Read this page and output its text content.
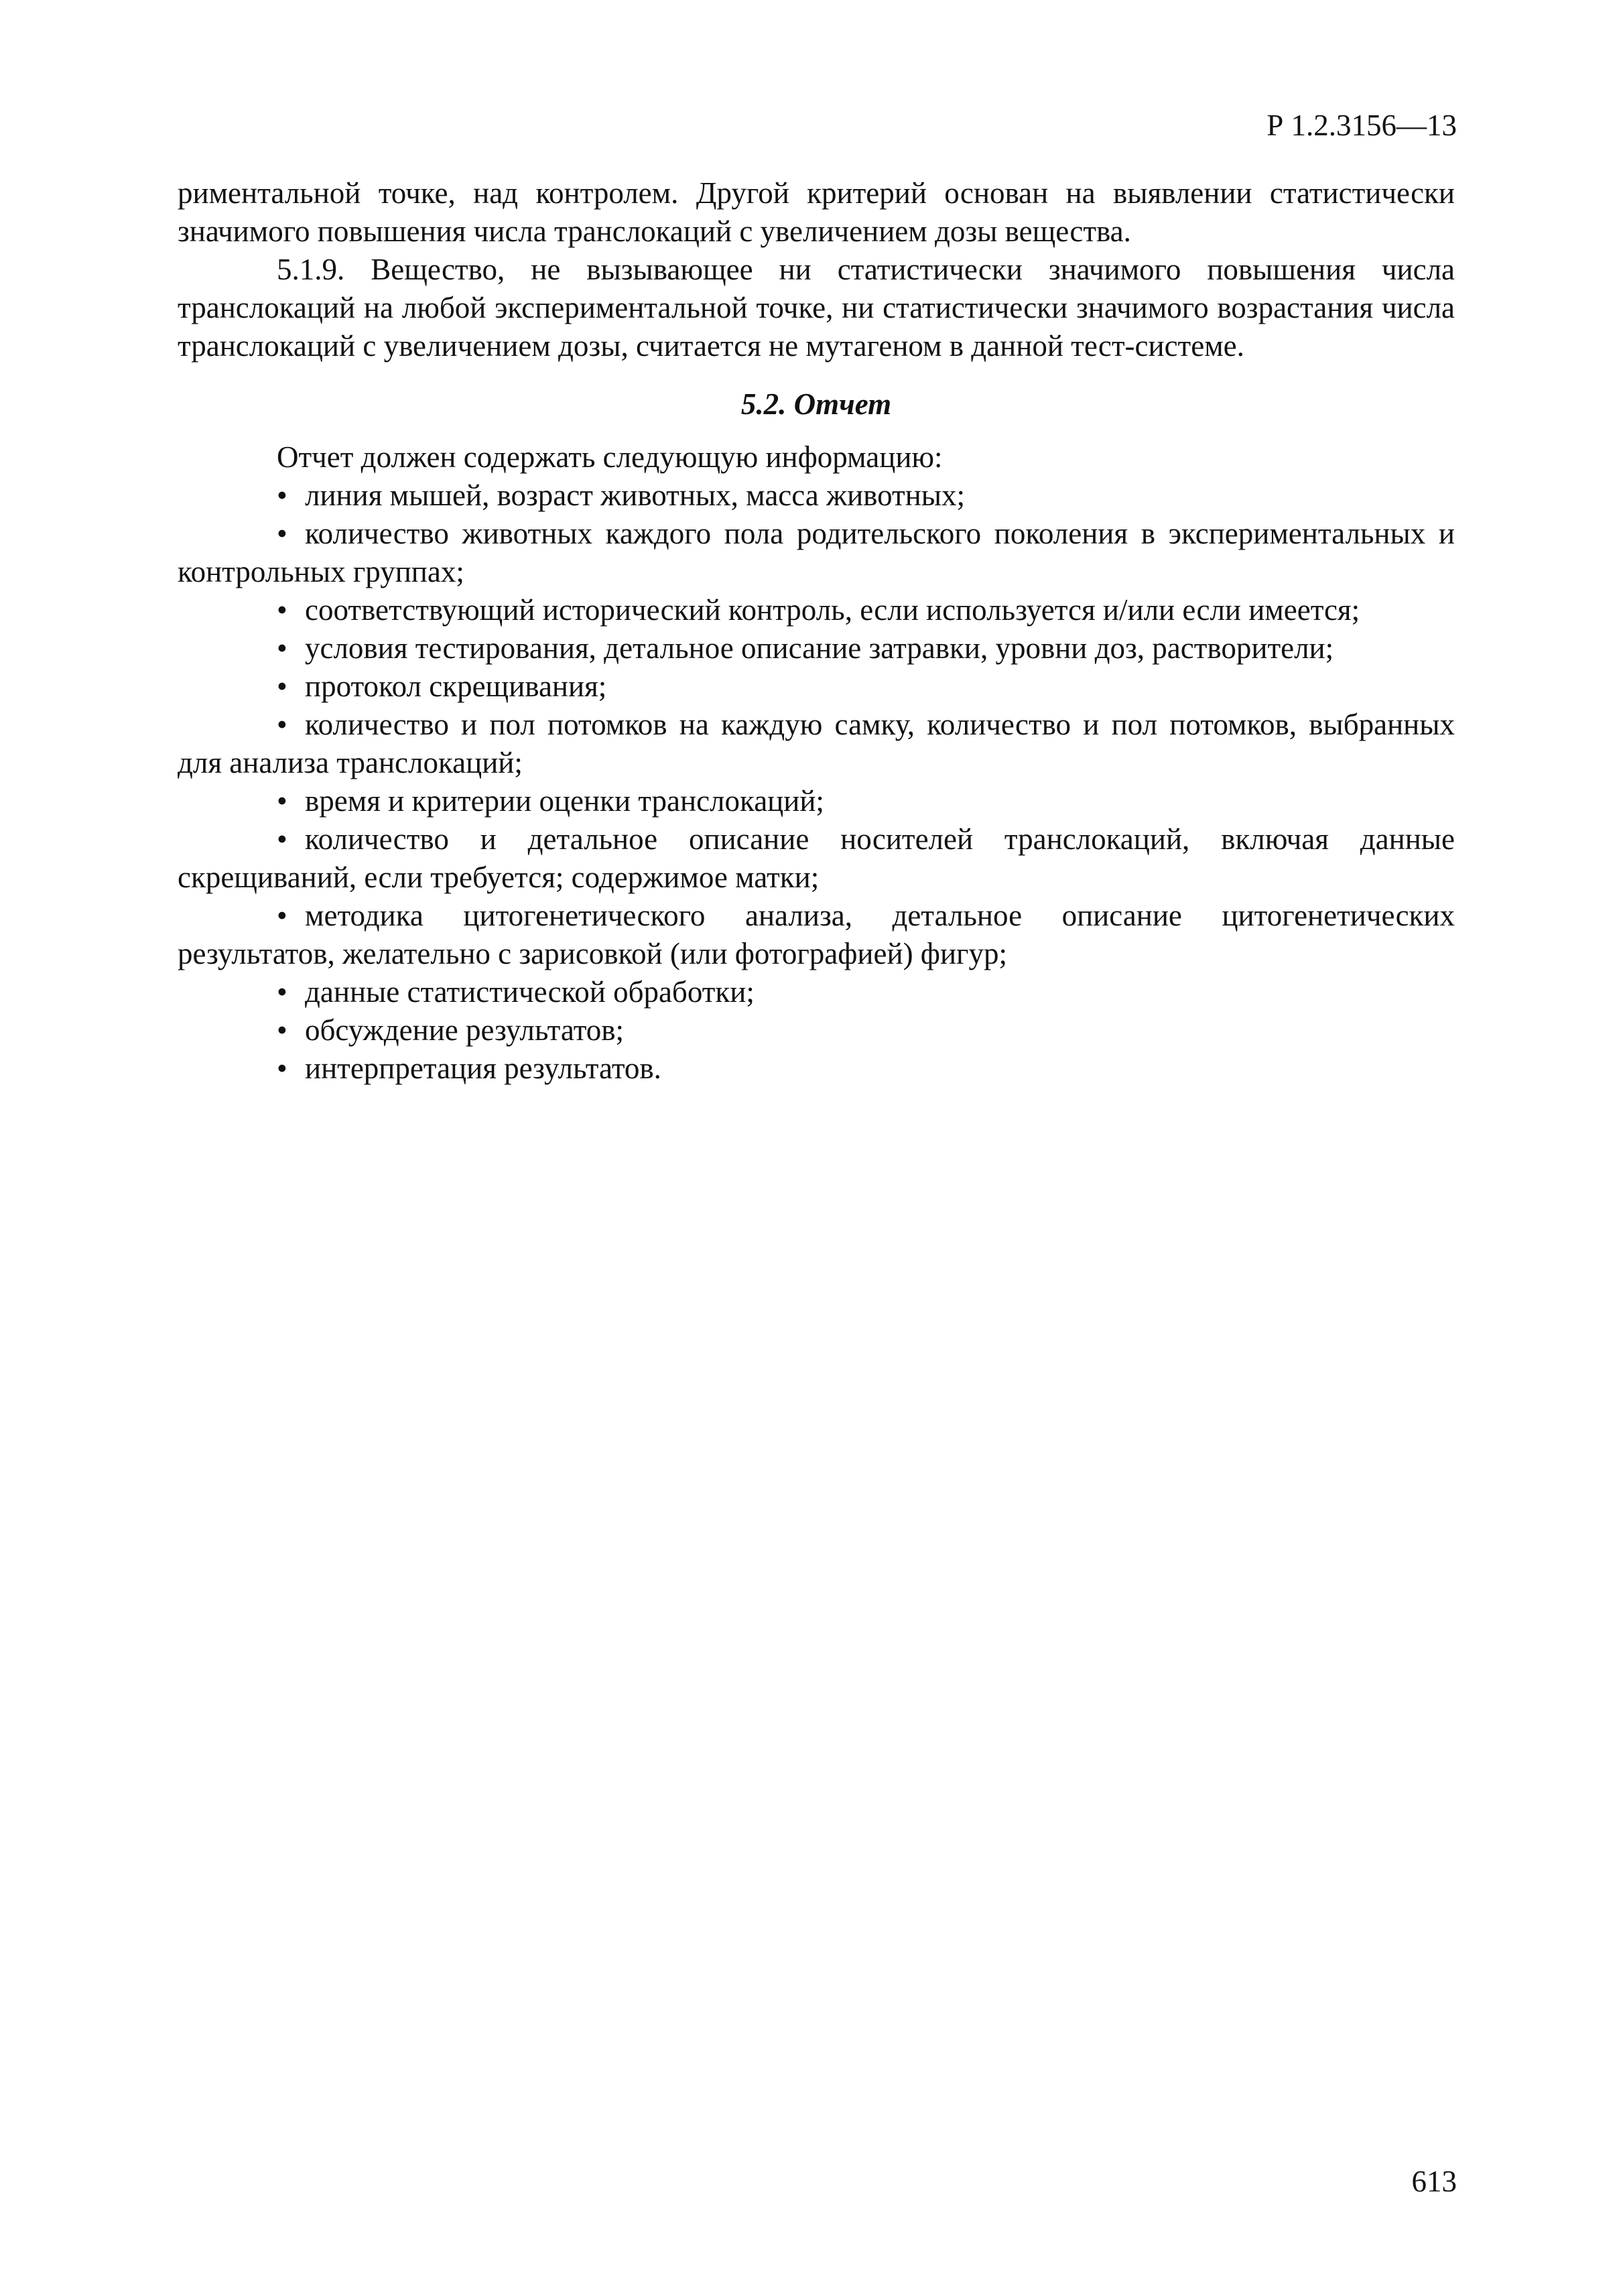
Р 1.2.3156—13

риментальной точке, над контролем. Другой критерий основан на выявлении статистически значимого повышения числа транслокаций с увеличением дозы вещества.

5.1.9. Вещество, не вызывающее ни статистически значимого повышения числа транслокаций на любой экспериментальной точке, ни статистически значимого возрастания числа транслокаций с увеличением дозы, считается не мутагеном в данной тест-системе.

5.2. Отчет

Отчет должен содержать следующую информацию:

• линия мышей, возраст животных, масса животных;

• количество животных каждого пола родительского поколения в экспериментальных и контрольных группах;

• соответствующий исторический контроль, если используется и/или если имеется;

• условия тестирования, детальное описание затравки, уровни доз, растворители;

• протокол скрещивания;

• количество и пол потомков на каждую самку, количество и пол потомков, выбранных для анализа транслокаций;

• время и критерии оценки транслокаций;

• количество и детальное описание носителей транслокаций, включая данные скрещиваний, если требуется; содержимое матки;

• методика цитогенетического анализа, детальное описание цитогенетических результатов, желательно с зарисовкой (или фотографией) фигур;

• данные статистической обработки;

• обсуждение результатов;

• интерпретация результатов.

613
